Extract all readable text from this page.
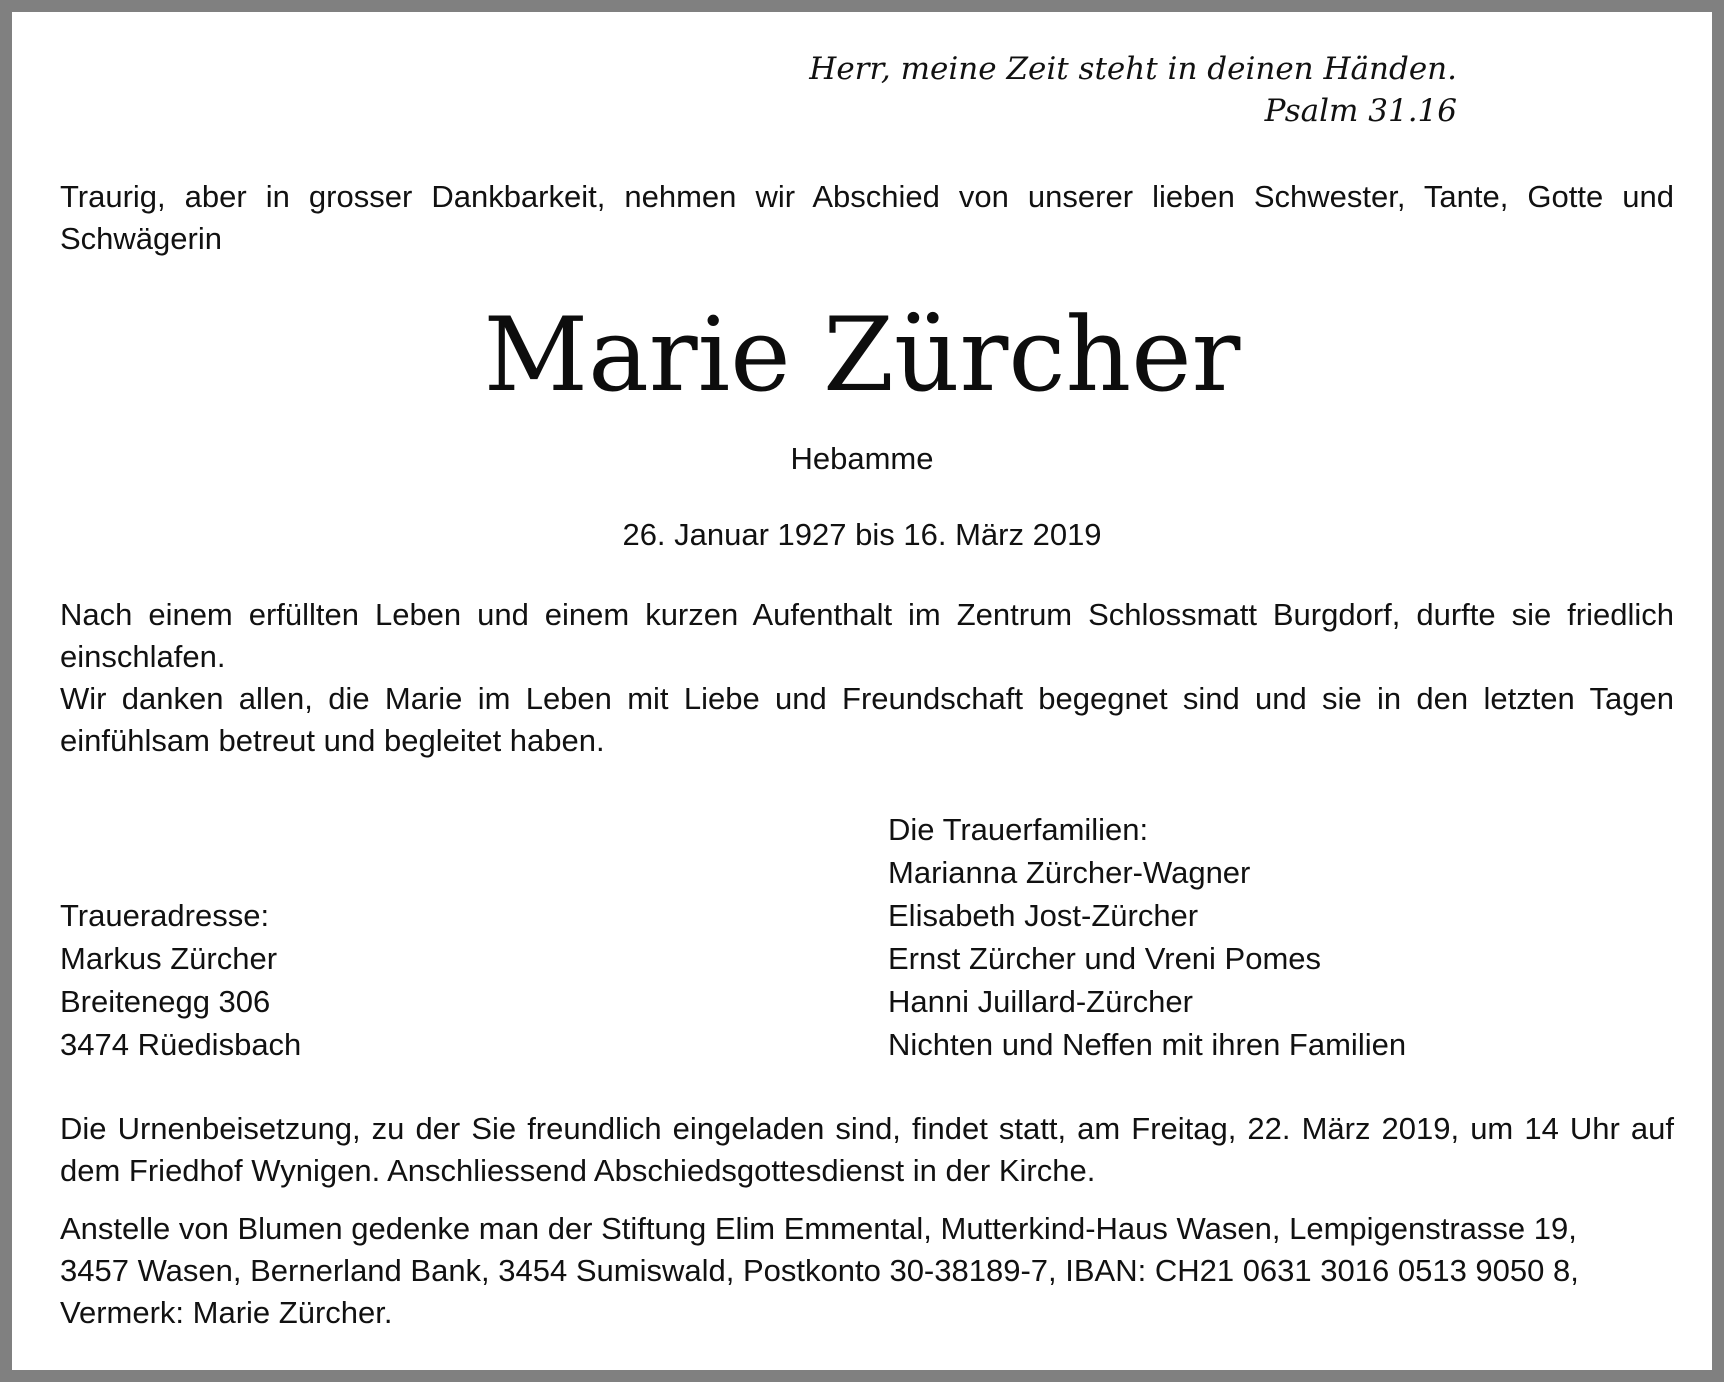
Herr, meine Zeit steht in deinen Händen.
Psalm 31.16
Traurig, aber in grosser Dankbarkeit, nehmen wir Abschied von unserer lieben Schwester, Tante, Gotte und Schwägerin
Marie Zürcher
Hebamme
26. Januar 1927 bis 16. März 2019

Nach einem erfüllten Leben und einem kurzen Aufenthalt im Zentrum Schlossmatt Burgdorf, durfte sie friedlich einschlafen.

Wir danken allen, die Marie im Leben mit Liebe und Freundschaft begegnet sind und sie in den letzten Tagen einfühlsam betreut und begleitet haben.

Traueradresse:
Markus Zürcher
Breitenegg 306
3474 Rüedisbach
Die Trauerfamilien:
Marianna Zürcher-Wagner
Elisabeth Jost-Zürcher
Ernst Zürcher und Vreni Pomes
Hanni Juillard-Zürcher
Nichten und Neffen mit ihren Familien
Die Urnenbeisetzung, zu der Sie freundlich eingeladen sind, findet statt, am Freitag, 22. März 2019, um 14 Uhr auf dem Friedhof Wynigen. Anschliessend Abschiedsgottesdienst in der Kirche.
Anstelle von Blumen gedenke man der Stiftung Elim Emmental, Mutterkind-Haus Wasen, Lempigenstrasse 19,
3457 Wasen, Bernerland Bank, 3454 Sumiswald, Postkonto 30-38189-7, IBAN: CH21 0631 3016 0513 9050 8,
Vermerk: Marie Zürcher.
